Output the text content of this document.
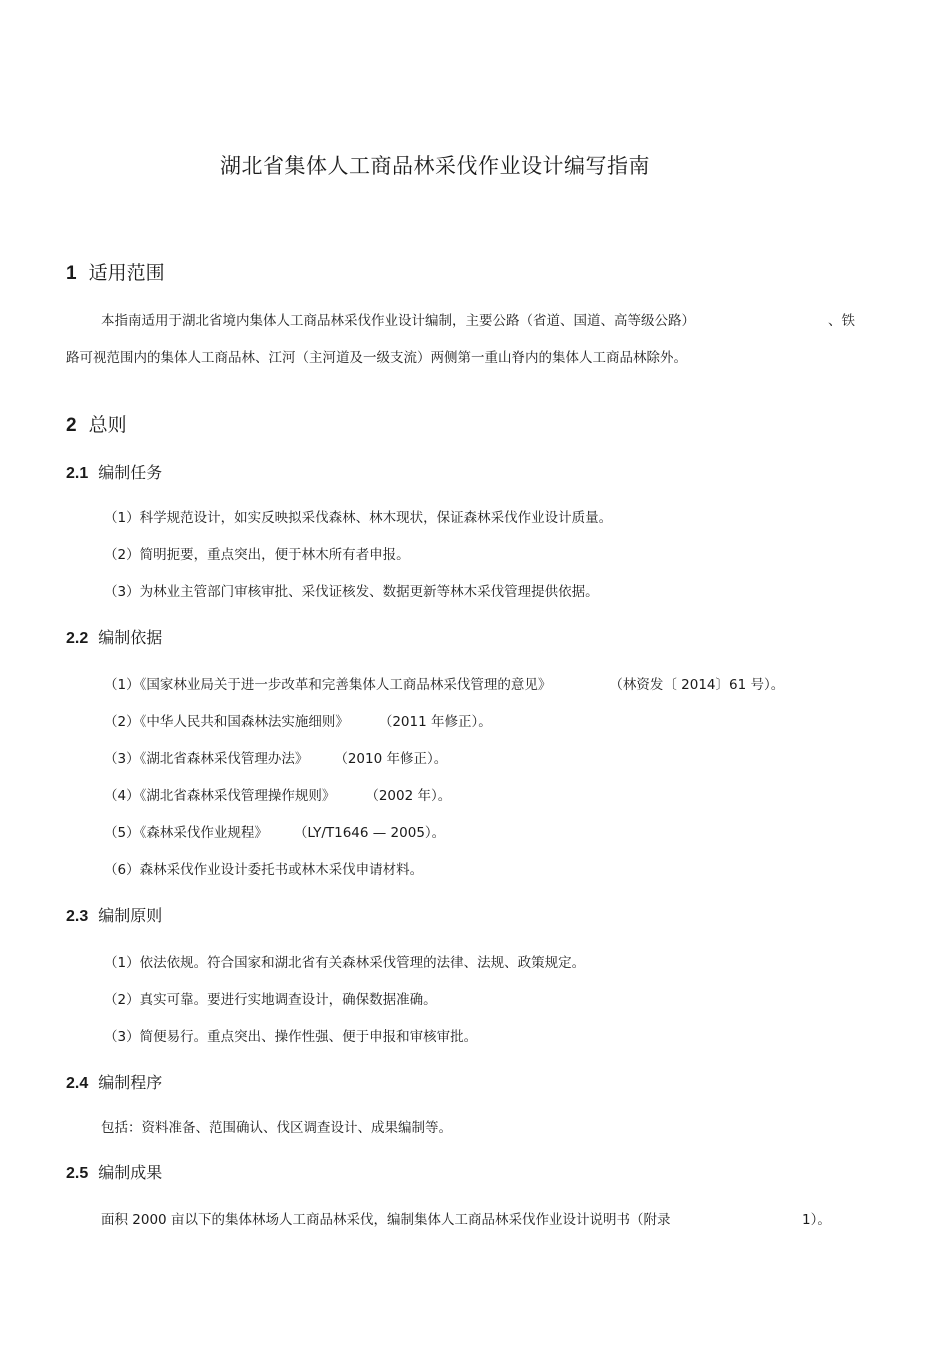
湖北省集体人工商品林采伐作业设计编写指南
1 适用范围
本指南适用于湖北省境内集体人工商品林采伐作业设计编制，主要公路（省道、国道、高等级公路）	、铁
路可视范围内的集体人工商品林、江河（主河道及一级支流）两侧第一重山脊内的集体人工商品林除外。
2 总则
2.1 编制任务
（1）科学规范设计，如实反映拟采伐森林、林木现状，保证森林采伐作业设计质量。
（2）简明扼要，重点突出，便于林木所有者申报。
（3）为林业主管部门审核审批、采伐证核发、数据更新等林木采伐管理提供依据。
2.2 编制依据
（1）《国家林业局关于进一步改革和完善集体人工商品林采伐管理的意见》	（林资发〔 2014〕61 号）。
（2）《中华人民共和国森林法实施细则》 （2011 年修正）。
（3）《湖北省森林采伐管理办法》 （2010 年修正）。
（4）《湖北省森林采伐管理操作规则》 （2002 年）。
（5）《森林采伐作业规程》 （LY/T1646 — 2005）。
（6）森林采伐作业设计委托书或林木采伐申请材料。
2.3 编制原则
（1）依法依规。符合国家和湖北省有关森林采伐管理的法律、法规、政策规定。
（2）真实可靠。要进行实地调查设计，确保数据准确。
（3）简便易行。重点突出、操作性强、便于申报和审核审批。
2.4 编制程序
包括：资料准备、范围确认、伐区调查设计、成果编制等。
2.5 编制成果
面积 2000 亩以下的集体林场人工商品林采伐，编制集体人工商品林采伐作业设计说明书（附录	1）。
